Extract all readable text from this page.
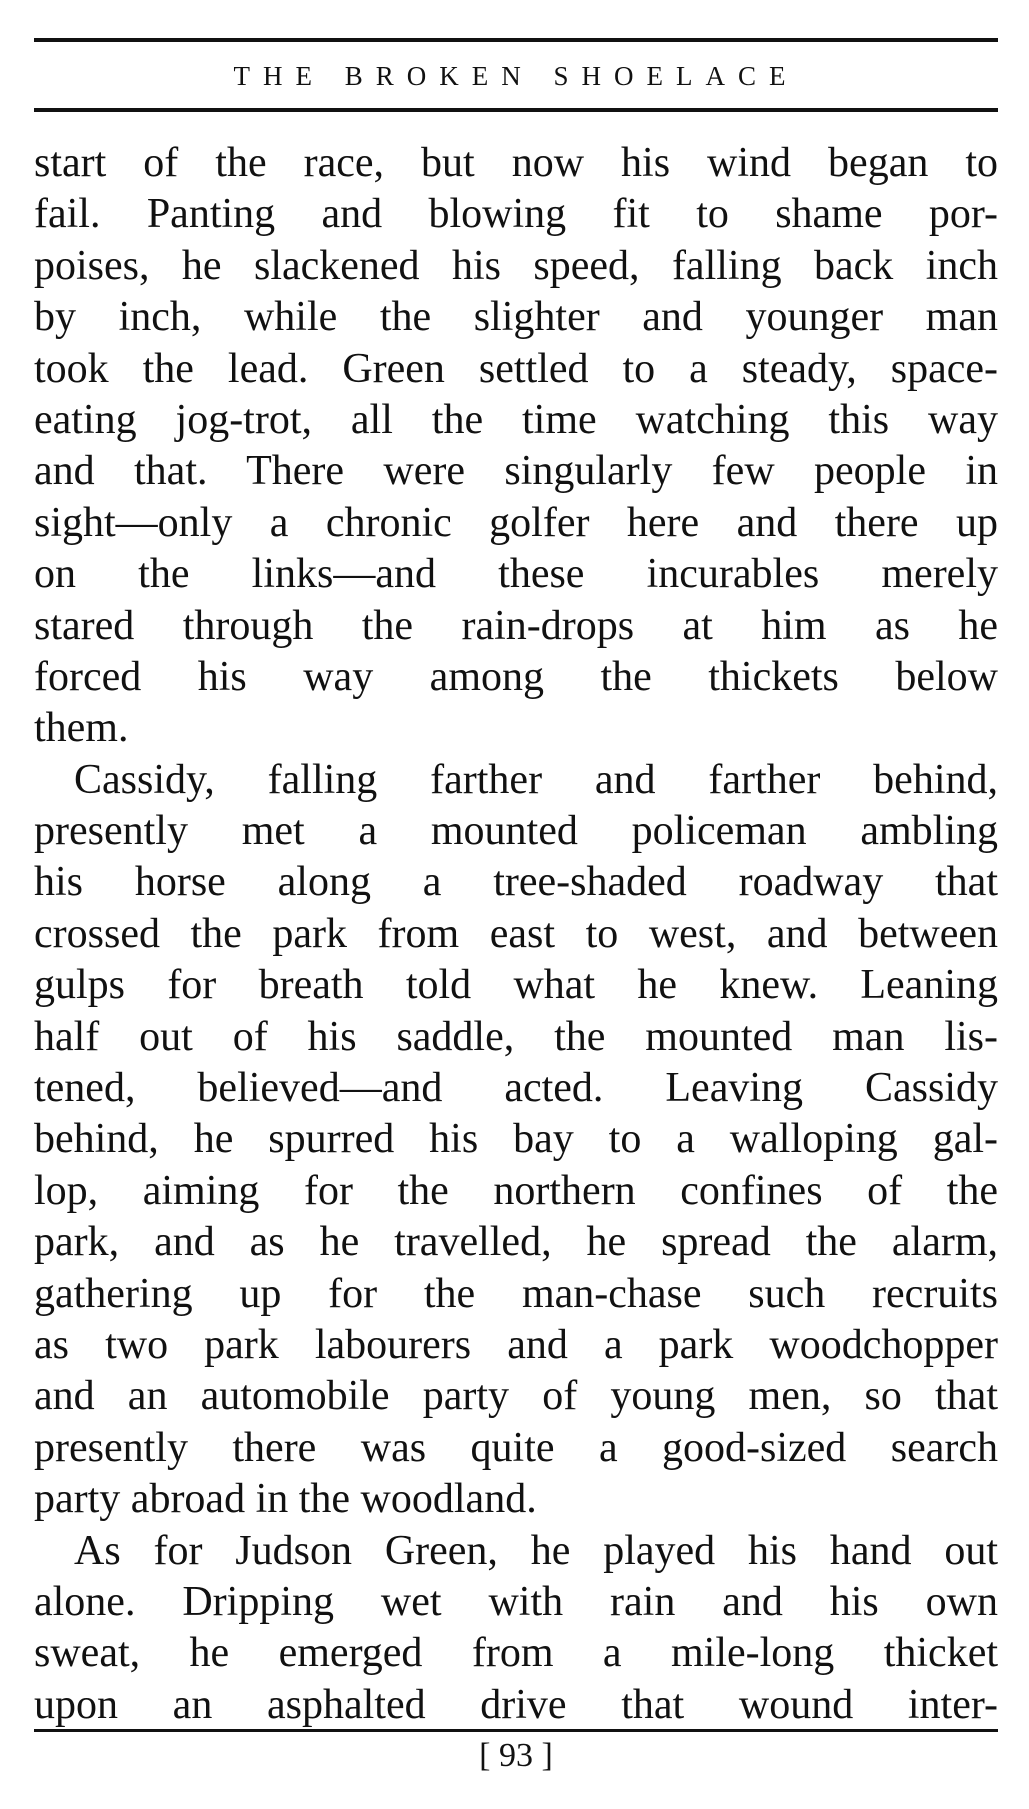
THE BROKEN SHOELACE
start of the race, but now his wind began to
fail. Panting and blowing fit to shame por-
poises, he slackened his speed, falling back inch
by inch, while the slighter and younger man
took the lead. Green settled to a steady, space-
eating jog-trot, all the time watching this way
and that. There were singularly few people in
sight—only a chronic golfer here and there up
on the links—and these incurables merely
stared through the rain-drops at him as he
forced his way among the thickets below
them.
Cassidy, falling farther and farther behind,
presently met a mounted policeman ambling
his horse along a tree-shaded roadway that
crossed the park from east to west, and between
gulps for breath told what he knew. Leaning
half out of his saddle, the mounted man lis-
tened, believed—and acted. Leaving Cassidy
behind, he spurred his bay to a walloping gal-
lop, aiming for the northern confines of the
park, and as he travelled, he spread the alarm,
gathering up for the man-chase such recruits
as two park labourers and a park woodchopper
and an automobile party of young men, so that
presently there was quite a good-sized search
party abroad in the woodland.
As for Judson Green, he played his hand out
alone. Dripping wet with rain and his own
sweat, he emerged from a mile-long thicket
upon an asphalted drive that wound inter-
[ 93 ]
